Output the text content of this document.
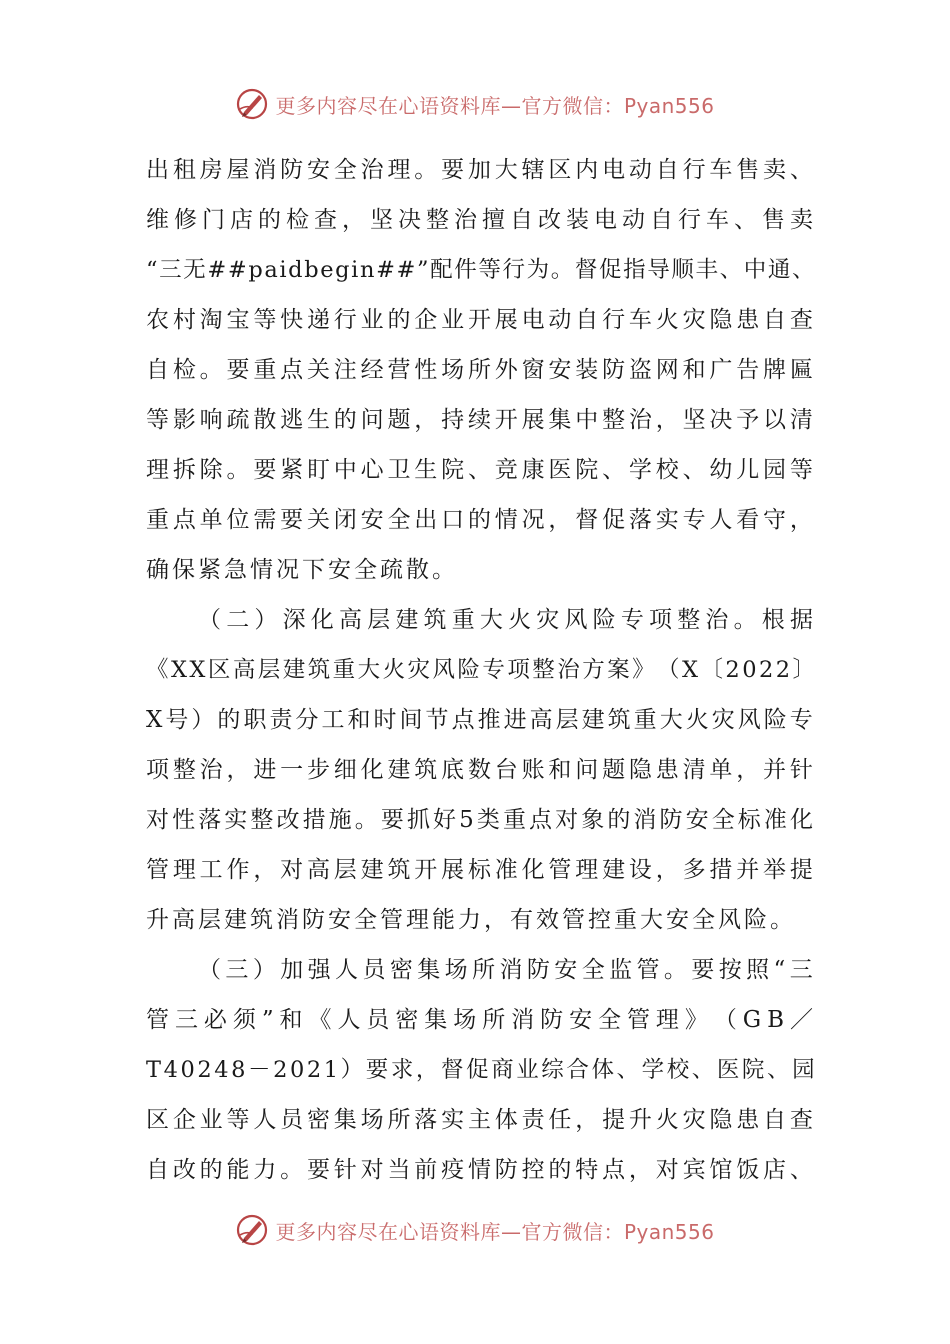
更多内容尽在心语资料库—官方微信：Pyan556
出 租 房 屋 消 防 安 全 治 理 。 要 加 大 辖 区 内 电 动 自 行 车 售 卖 、
维 修 门 店 的 检 查 ， 坚 决 整 治 擅 自 改 装 电 动 自 行 车 、 售 卖
“ 三 无 # # p a i d b e g i n # # ” 配 件 等 行 为 。 督 促 指 导 顺 丰 、 中 通 、
农 村 淘 宝 等 快 递 行 业 的 企 业 开 展 电 动 自 行 车 火 灾 隐 患 自 查
自 检 。 要 重 点 关 注 经 营 性 场 所 外 窗 安 装 防 盗 网 和 广 告 牌 匾
等 影 响 疏 散 逃 生 的 问 题 ， 持 续 开 展 集 中 整 治 ， 坚 决 予 以 清
理 拆 除 。 要 紧 盯 中 心 卫 生 院 、 竞 康 医 院 、 学 校 、 幼 儿 园 等
重 点 单 位 需 要 关 闭 安 全 出 口 的 情 况 ， 督 促 落 实 专 人 看 守 ，
确保紧急情况下安全疏散。
（ 二 ） 深 化 高 层 建 筑 重 大 火 灾 风 险 专 项 整 治 。 根 据
《 X X 区 高 层 建 筑 重 大 火 灾 风 险 专 项 整 治 方 案 》 （ X 〔 2 0 2 2 〕
X 号 ） 的 职 责 分 工 和 时 间 节 点 推 进 高 层 建 筑 重 大 火 灾 风 险 专
项 整 治 ， 进 一 步 细 化 建 筑 底 数 台 账 和 问 题 隐 患 清 单 ， 并 针
对 性 落 实 整 改 措 施 。 要 抓 好 5 类 重 点 对 象 的 消 防 安 全 标 准 化
管 理 工 作 ， 对 高 层 建 筑 开 展 标 准 化 管 理 建 设 ， 多 措 并 举 提
升高层建筑消防安全管理能力，有效管控重大安全风险。
（ 三 ） 加 强 人 员 密 集 场 所 消 防 安 全 监 管 。 要 按 照 “ 三
管 三 必 须 ” 和 《 人 员 密 集 场 所 消 防 安 全 管 理 》 （ G B ／
T 4 0 2 4 8 － 2 0 2 1 ） 要 求 ， 督 促 商 业 综 合 体 、 学 校 、 医 院 、 园
区 企 业 等 人 员 密 集 场 所 落 实 主 体 责 任 ， 提 升 火 灾 隐 患 自 查
自 改 的 能 力 。 要 针 对 当 前 疫 情 防 控 的 特 点 ， 对 宾 馆 饭 店 、
更多内容尽在心语资料库—官方微信：Pyan556
